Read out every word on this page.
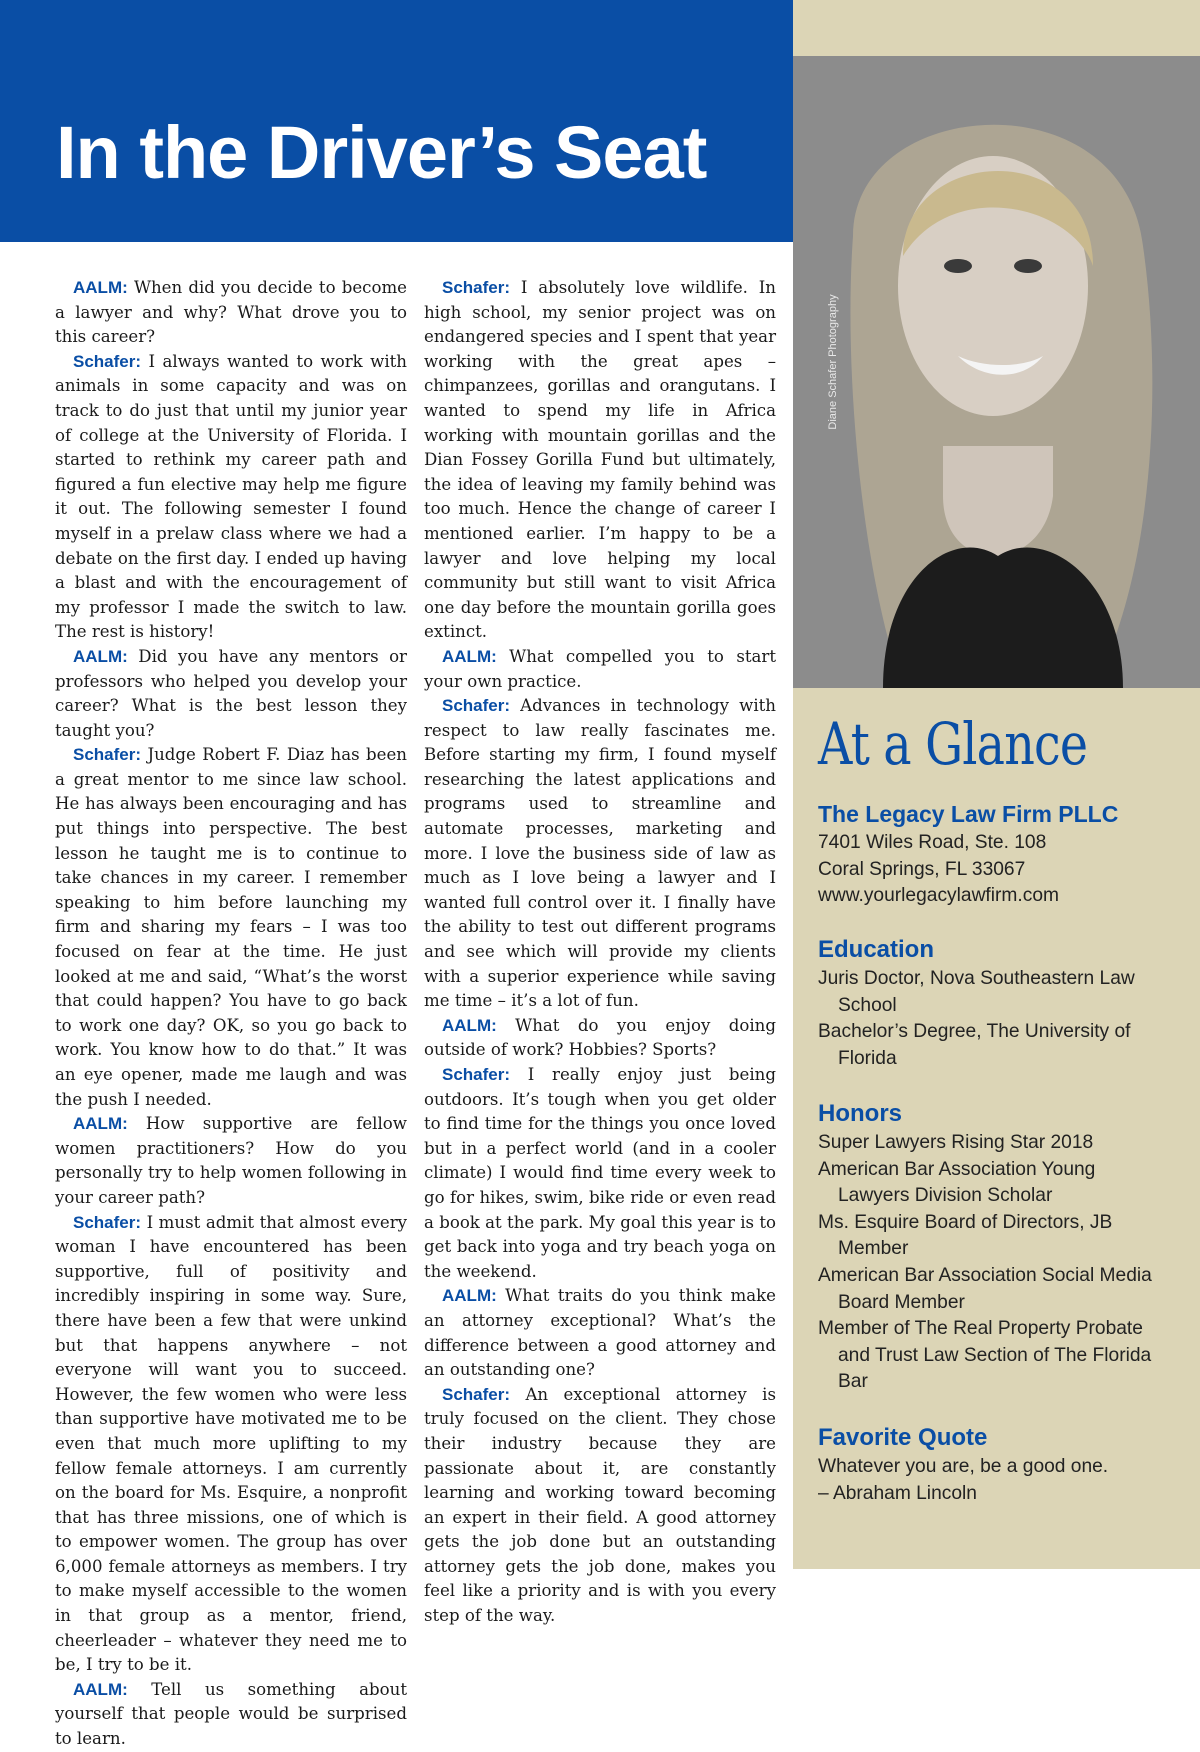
In the Driver’s Seat
Diane Schafer Photography

AALM: When did you decide to become a lawyer and why? What drove you to this career?

Schafer: I always wanted to work with animals in some capacity and was on track to do just that until my junior year of college at the University of Florida. I started to rethink my career path and figured a fun elective may help me figure it out. The following semester I found myself in a prelaw class where we had a debate on the first day. I ended up having a blast and with the encouragement of my professor I made the switch to law. The rest is history!

AALM: Did you have any mentors or professors who helped you develop your career? What is the best lesson they taught you?

Schafer: Judge Robert F. Diaz has been a great mentor to me since law school. He has always been encouraging and has put things into perspective. The best lesson he taught me is to continue to take chances in my career. I remember speaking to him before launching my firm and sharing my fears – I was too focused on fear at the time. He just looked at me and said, “What’s the worst that could happen? You have to go back to work one day? OK, so you go back to work. You know how to do that.” It was an eye opener, made me laugh and was the push I needed.

AALM: How supportive are fellow women practitioners? How do you personally try to help women following in your career path?

Schafer: I must admit that almost every woman I have encountered has been supportive, full of positivity and incredibly inspiring in some way. Sure, there have been a few that were unkind but that happens anywhere – not everyone will want you to succeed. However, the few women who were less than supportive have motivated me to be even that much more uplifting to my fellow female attorneys. I am currently on the board for Ms. Esquire, a nonprofit that has three missions, one of which is to empower women. The group has over 6,000 female attorneys as members. I try to make myself accessible to the women in that group as a mentor, friend, cheerleader – whatever they need me to be, I try to be it.

AALM: Tell us something about yourself that people would be surprised to learn.

Schafer: I absolutely love wildlife. In high school, my senior project was on endangered species and I spent that year working with the great apes – chimpanzees, gorillas and orangutans. I wanted to spend my life in Africa working with mountain gorillas and the Dian Fossey Gorilla Fund but ultimately, the idea of leaving my family behind was too much. Hence the change of career I mentioned earlier. I’m happy to be a lawyer and love helping my local community but still want to visit Africa one day before the mountain gorilla goes extinct.

AALM: What compelled you to start your own practice.

Schafer: Advances in technology with respect to law really fascinates me. Before starting my firm, I found myself researching the latest applications and programs used to streamline and automate processes, marketing and more. I love the business side of law as much as I love being a lawyer and I wanted full control over it. I finally have the ability to test out different programs and see which will provide my clients with a superior experience while saving me time – it’s a lot of fun.

AALM: What do you enjoy doing outside of work? Hobbies? Sports?

Schafer: I really enjoy just being outdoors. It’s tough when you get older to find time for the things you once loved but in a perfect world (and in a cooler climate) I would find time every week to go for hikes, swim, bike ride or even read a book at the park. My goal this year is to get back into yoga and try beach yoga on the weekend.

AALM: What traits do you think make an attorney exceptional? What’s the difference between a good attorney and an outstanding one?

Schafer: An exceptional attorney is truly focused on the client. They chose their industry because they are passionate about it, are constantly learning and working toward becoming an expert in their field. A good attorney gets the job done but an outstanding attorney gets the job done, makes you feel like a priority and is with you every step of the way.

At a Glance
The Legacy Law Firm PLLC
7401 Wiles Road, Ste. 108
Coral Springs, FL 33067
www.yourlegacylawfirm.com
Education
Juris Doctor, Nova Southeastern Law School
Bachelor’s Degree, The University of Florida
Honors
Super Lawyers Rising Star 2018
American Bar Association Young Lawyers Division Scholar
Ms. Esquire Board of Directors, JB Member
American Bar Association Social Media Board Member
Member of The Real Property Probate and Trust Law Section of The Florida Bar
Favorite Quote
Whatever you are, be a good one.
– Abraham Lincoln
